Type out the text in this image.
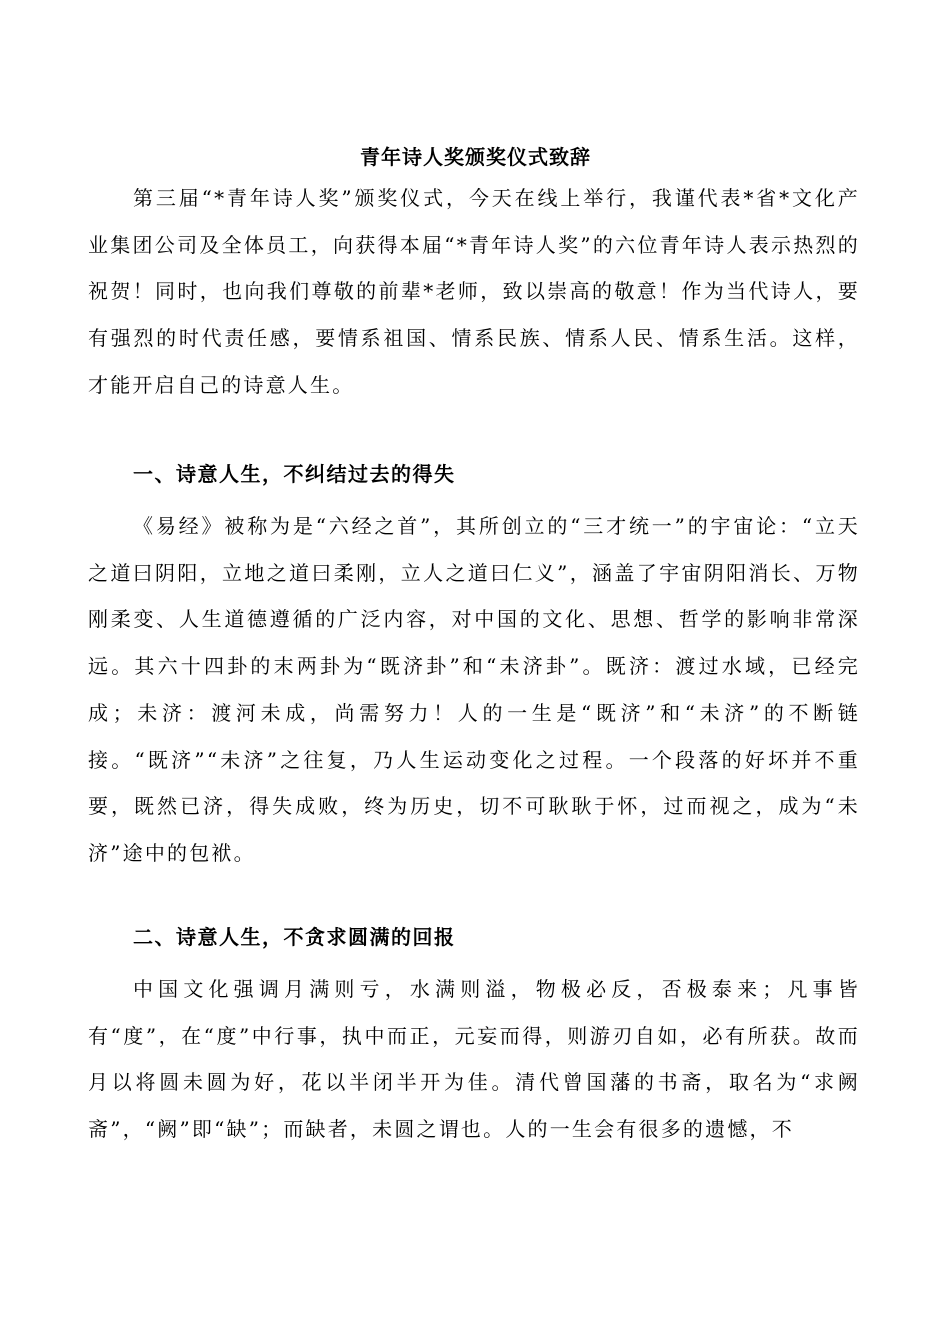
青年诗人奖颁奖仪式致辞

第三届“*青年诗人奖”颁奖仪式，今天在线上举行，我谨代表*省*文化产业集团公司及全体员工，向获得本届“*青年诗人奖”的六位青年诗人表示热烈的祝贺！同时，也向我们尊敬的前辈*老师，致以崇高的敬意！作为当代诗人，要有强烈的时代责任感，要情系祖国、情系民族、情系人民、情系生活。这样，才能开启自己的诗意人生。

一、诗意人生，不纠结过去的得失

《易经》被称为是“六经之首”，其所创立的“三才统一”的宇宙论：“立天之道曰阴阳，立地之道曰柔刚，立人之道曰仁义”，涵盖了宇宙阴阳消长、万物刚柔变、人生道德遵循的广泛内容，对中国的文化、思想、哲学的影响非常深远。其六十四卦的末两卦为“既济卦”和“未济卦”。既济：渡过水域，已经完成；未济：渡河未成，尚需努力！人的一生是“既济”和“未济”的不断链接。“既济”“未济”之往复，乃人生运动变化之过程。一个段落的好坏并不重要，既然已济，得失成败，终为历史，切不可耿耿于怀，过而视之，成为“未济”途中的包袱。

二、诗意人生，不贪求圆满的回报

中国文化强调月满则亏，水满则溢，物极必反，否极泰来；凡事皆有“度”，在“度”中行事，执中而正，元妄而得，则游刃自如，必有所获。故而月以将圆未圆为好，花以半闭半开为佳。清代曾国藩的书斋，取名为“求阙斋”，“阙”即“缺”；而缺者，未圆之谓也。人的一生会有很多的遗憾，不
